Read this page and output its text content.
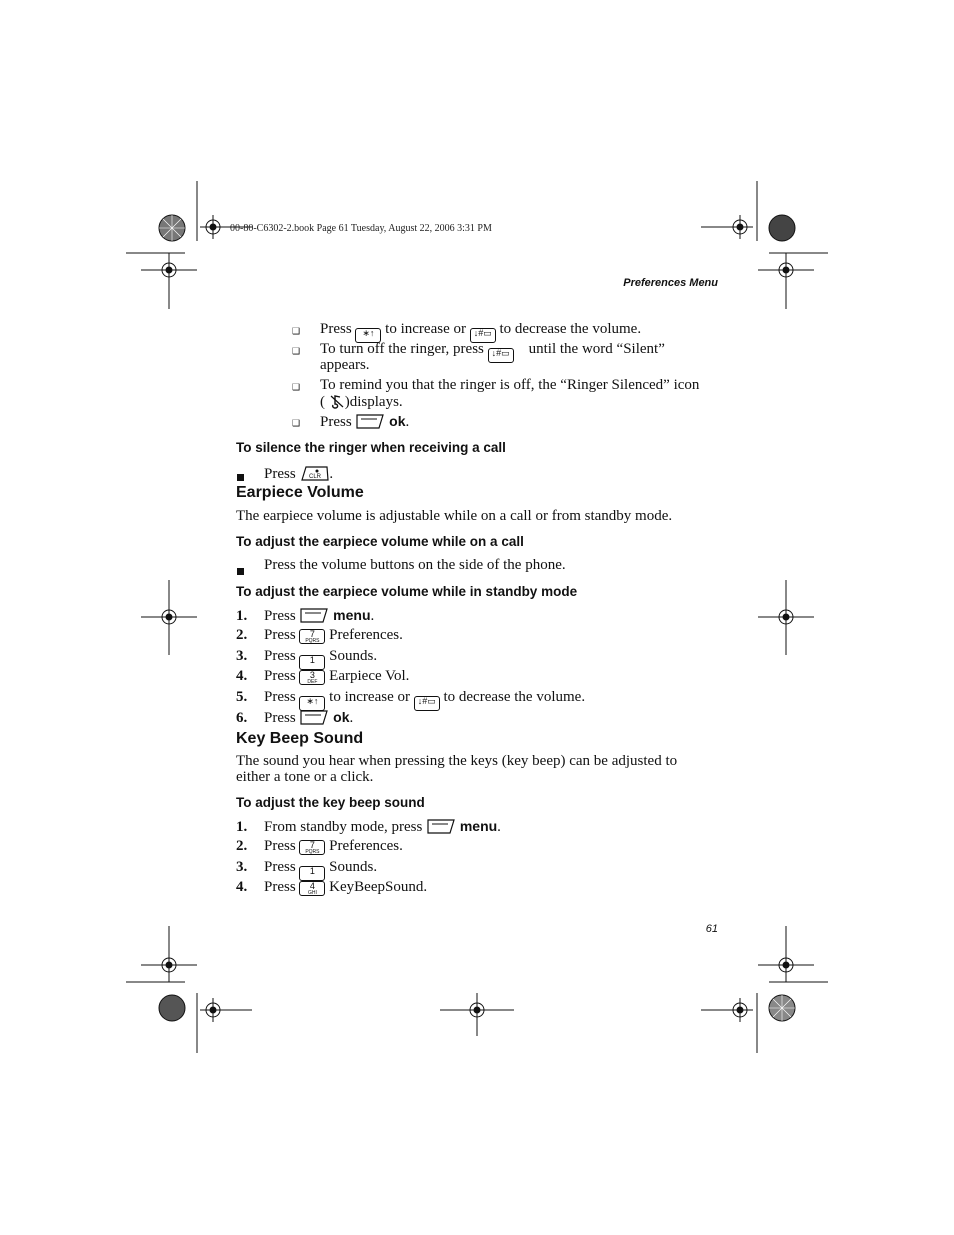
00-80-C6302-2.book Page 61 Tuesday, August 22, 2006 3:31 PM
Preferences Menu
❑ Press ∗↑ to increase or ↓#▭ to decrease the volume.
❑ To turn off the ringer, press ↓#▭ until the word “Silent”
appears.
❑ To remind you that the ringer is off, the “Ringer Silenced” icon
( )displays.
❑ Press  ok.
To silence the ringer when receiving a call
Press CLR .
Earpiece Volume
The earpiece volume is adjustable while on a call or from standby mode.
To adjust the earpiece volume while on a call
Press the volume buttons on the side of the phone.
To adjust the earpiece volume while in standby mode
1. Press  menu.
2. Press	7
PQRS Preferences.
3. Press	1 Sounds.
4. Press	3
DEF Earpiece Vol.
5. Press ∗↑ to increase or ↓#▭ to decrease the volume.
6. Press  ok.
Key Beep Sound
The sound you hear when pressing the keys (key beep) can be adjusted to
either a tone or a click.
To adjust the key beep sound
1. From standby mode, press  menu.
2. Press	7
PQRS Preferences.
3. Press	1 Sounds.
4. Press	4
GHI KeyBeepSound.
61
